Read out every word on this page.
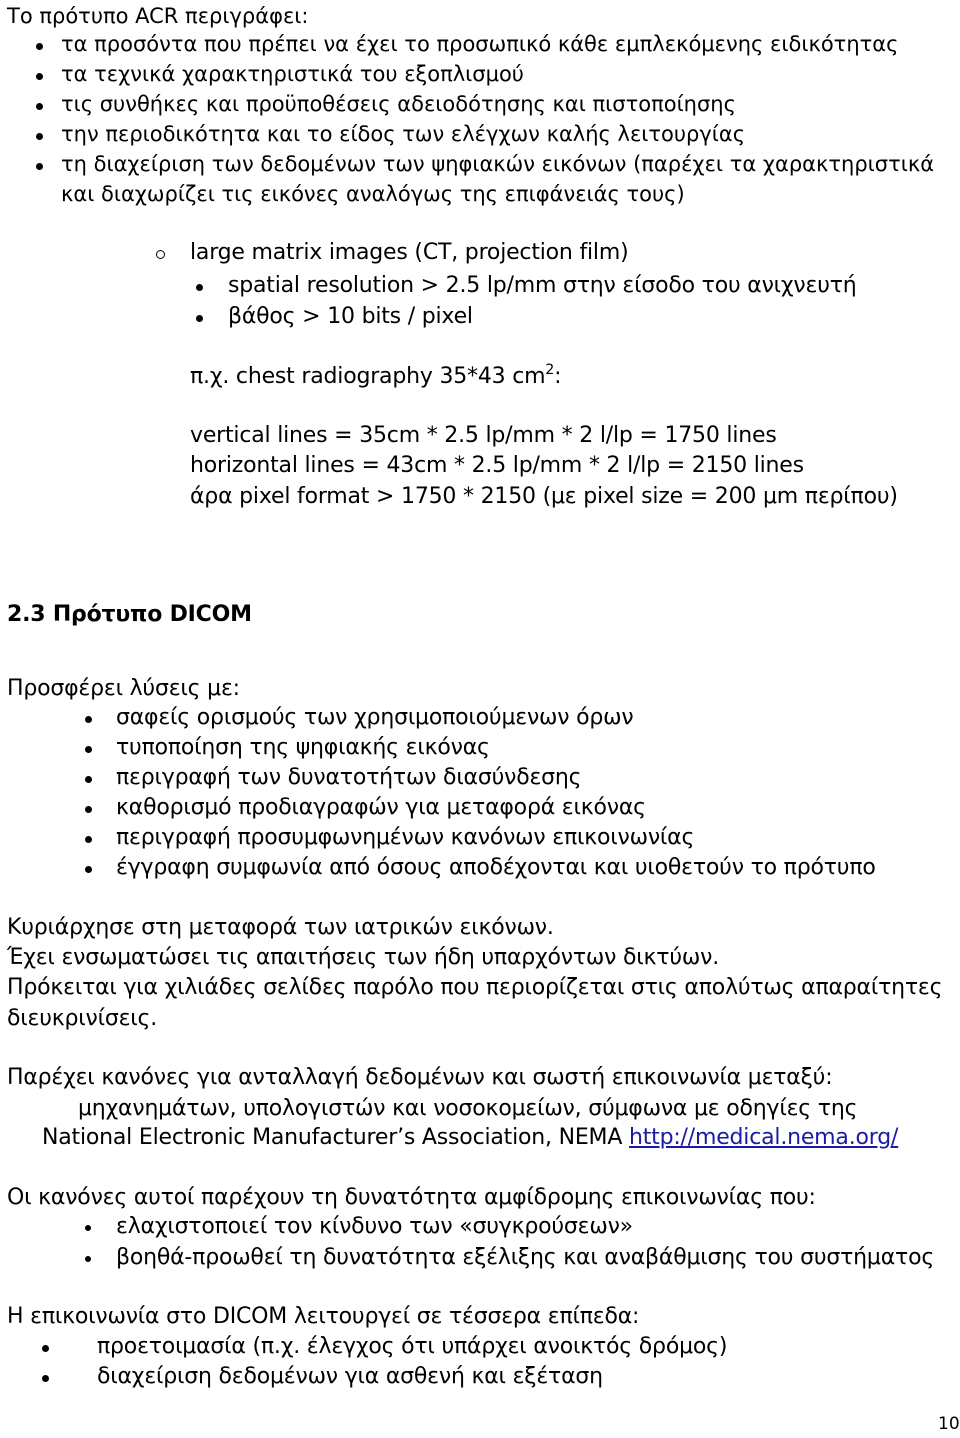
Το πρότυπο ACR περιγράφει:
τα προσόντα που πρέπει να έχει το προσωπικό κάθε εμπλεκόμενης ειδικότητας
τα τεχνικά χαρακτηριστικά του εξοπλισμού
τις συνθήκες και προϋποθέσεις αδειοδότησης και πιστοποίησης
την περιοδικότητα και το είδος των ελέγχων καλής λειτουργίας
τη διαχείριση των δεδομένων των ψηφιακών εικόνων (παρέχει τα χαρακτηριστικά
και διαχωρίζει τις εικόνες αναλόγως της επιφάνειάς τους)
large matrix images (CT, projection film)
spatial resolution > 2.5 lp/mm στην είσοδο του ανιχνευτή
βάθος > 10 bits / pixel
π.χ. chest radiography 35*43 $cm^2$:
vertical lines = 35cm * 2.5 lp/mm * 2 l/lp = 1750 lines
horizontal lines = 43cm * 2.5 lp/mm * 2 l/lp = 2150 lines
άρα pixel format > 1750 * 2150 (με pixel size = 200 μm περίπου)
2.3 Πρότυπο DICOM
Προσφέρει λύσεις με:
σαφείς ορισμούς των χρησιμοποιούμενων όρων
τυποποίηση της ψηφιακής εικόνας
περιγραφή των δυνατοτήτων διασύνδεσης
καθορισμό προδιαγραφών για μεταφορά εικόνας
περιγραφή προσυμφωνημένων κανόνων επικοινωνίας
έγγραφη συμφωνία από όσους αποδέχονται και υιοθετούν το πρότυπο
Κυριάρχησε στη μεταφορά των ιατρικών εικόνων.
Έχει ενσωματώσει τις απαιτήσεις των ήδη υπαρχόντων δικτύων.
Πρόκειται για χιλιάδες σελίδες παρόλο που περιορίζεται στις απολύτως απαραίτητες
διευκρινίσεις.
Παρέχει κανόνες για ανταλλαγή δεδομένων και σωστή επικοινωνία μεταξύ:
μηχανημάτων, υπολογιστών και νοσοκομείων, σύμφωνα με οδηγίες της
National Electronic Manufacturer’s Association, NEMA http://medical.nema.org/
Οι κανόνες αυτοί παρέχουν τη δυνατότητα αμφίδρομης επικοινωνίας που:
ελαχιστοποιεί τον κίνδυνο των «συγκρούσεων»
βοηθά-προωθεί τη δυνατότητα εξέλιξης και αναβάθμισης του συστήματος
Η επικοινωνία στο DICOM λειτουργεί σε τέσσερα επίπεδα:
προετοιμασία (π.χ. έλεγχος ότι υπάρχει ανοικτός δρόμος)
διαχείριση δεδομένων για ασθενή και εξέταση
10
